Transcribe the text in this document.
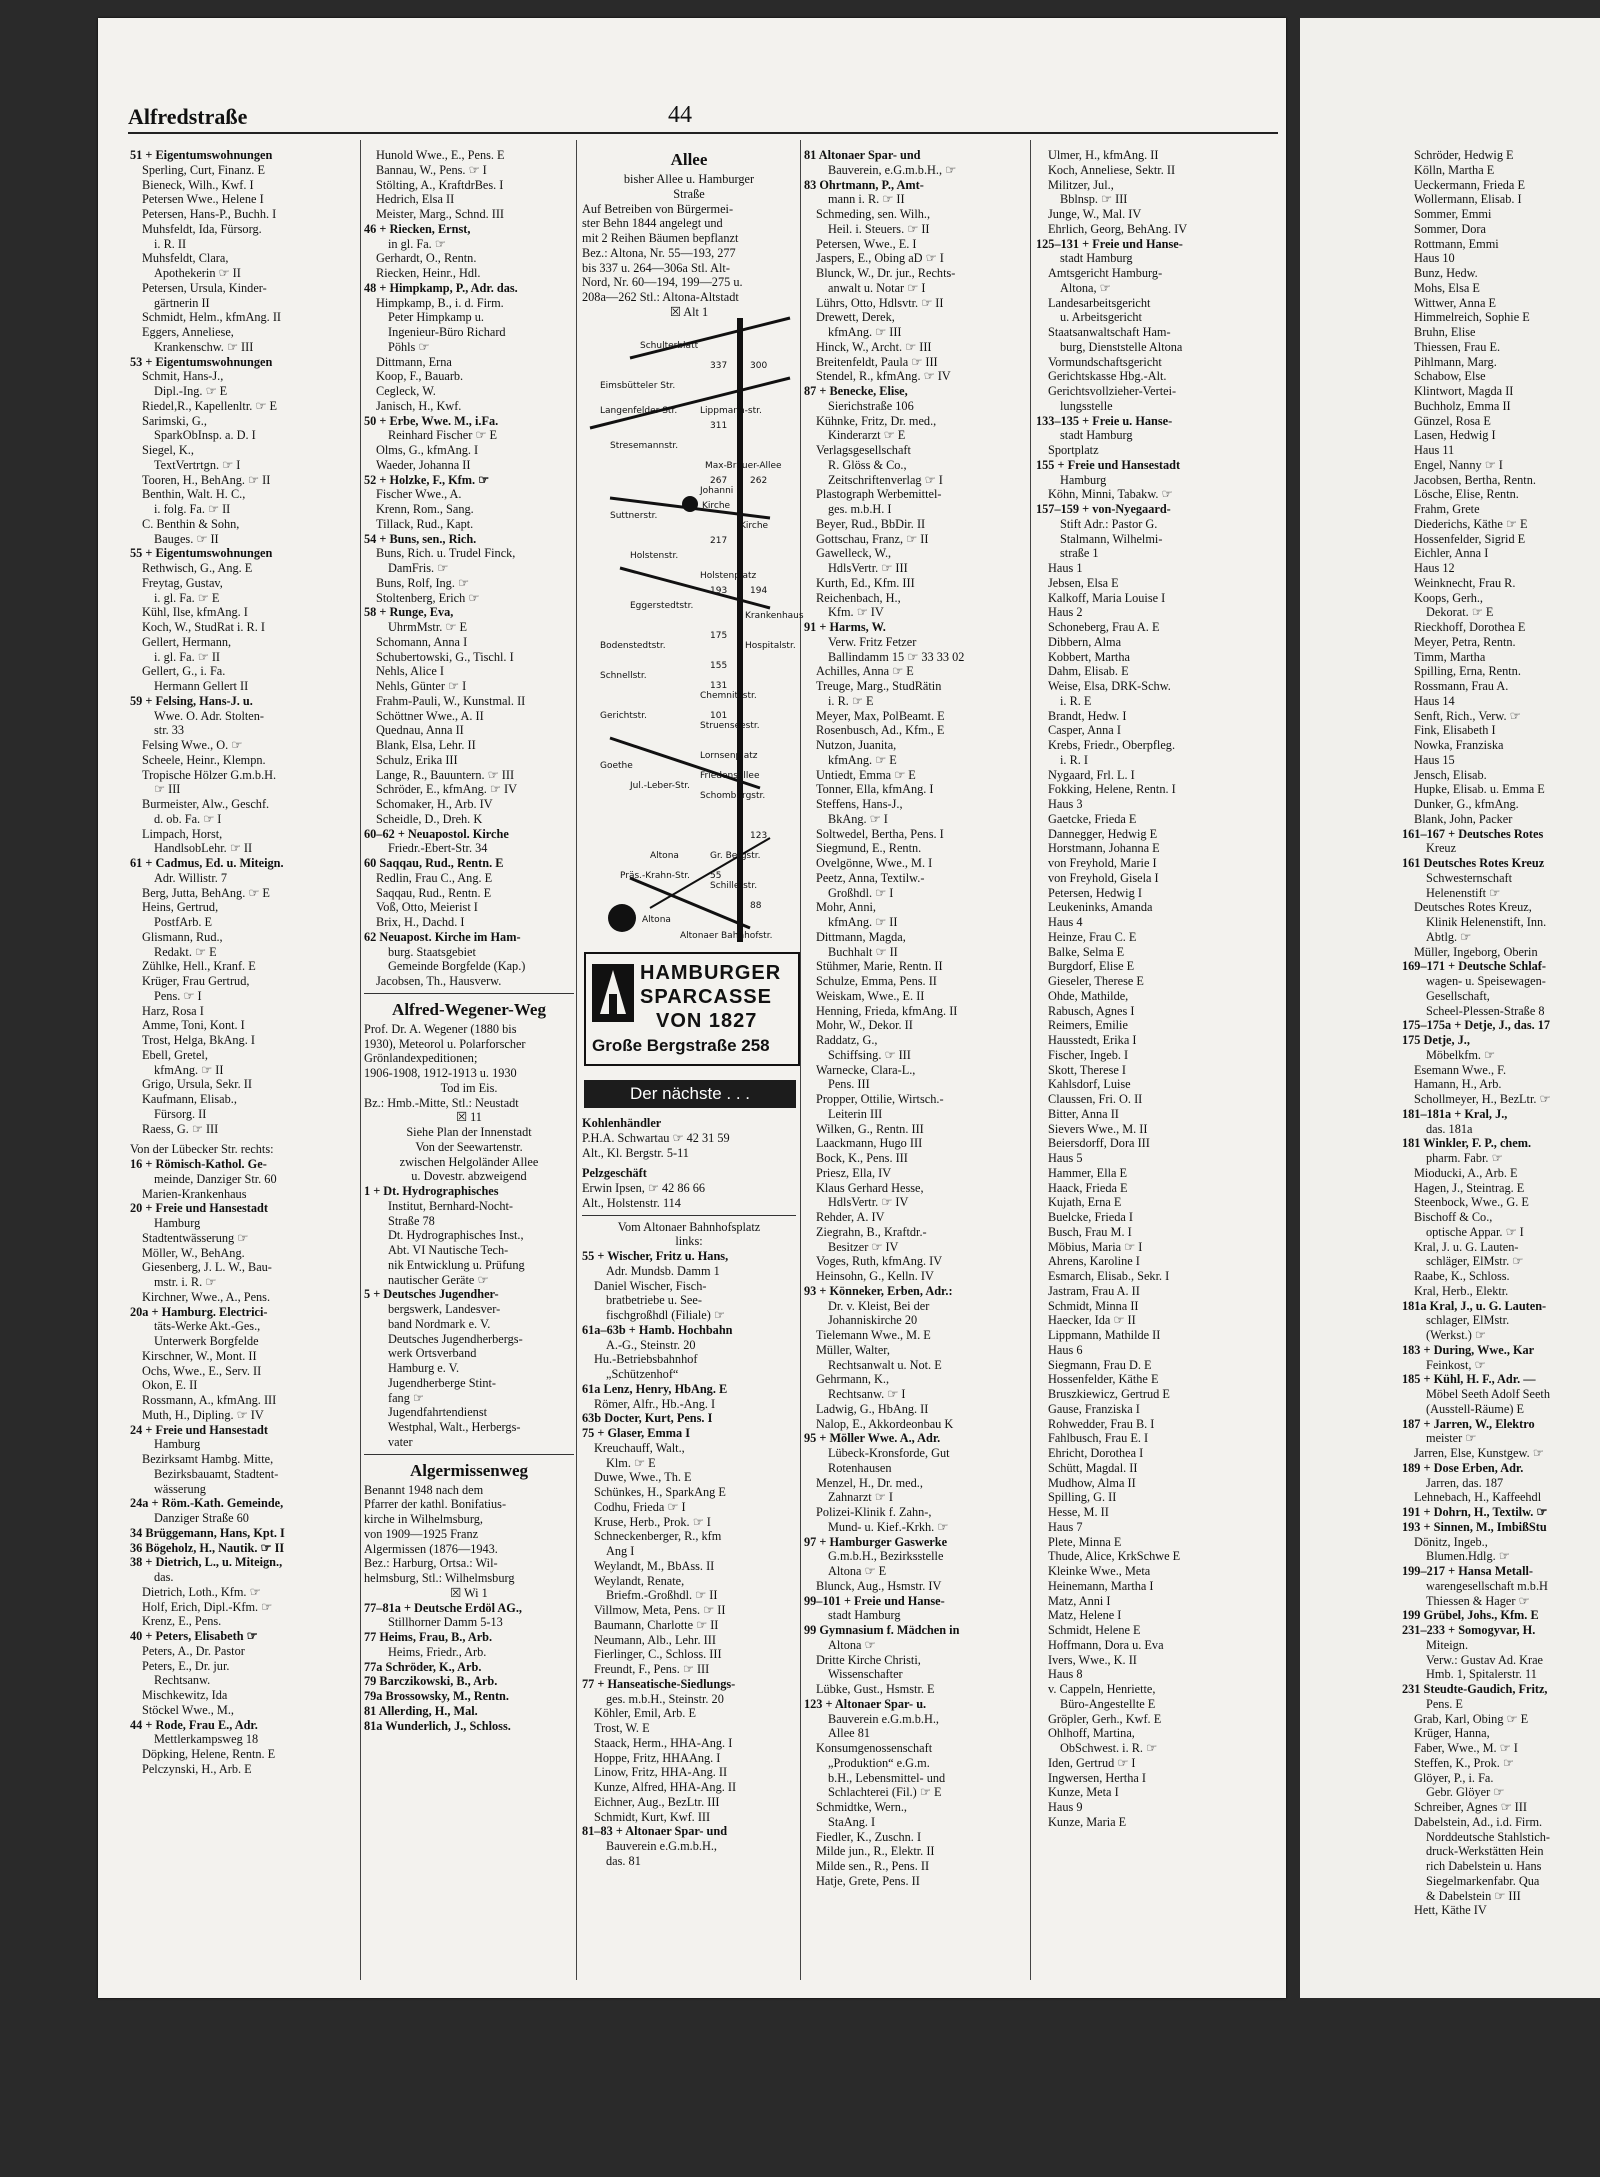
Alfredstraße	44

51 + Eigentumswohnungen

Sperling, Curt, Finanz. E

Bieneck, Wilh., Kwf. I

Petersen Wwe., Helene I

Petersen, Hans-P., Buchh. I

Muhsfeldt, Ida, Fürsorg.

i. R. II

Muhsfeldt, Clara,

Apothekerin ☞ II

Petersen, Ursula, Kinder-

gärtnerin II

Schmidt, Helm., kfmAng. II

Eggers, Anneliese,

Krankenschw. ☞ III

53 + Eigentumswohnungen

Schmit, Hans-J.,

Dipl.-Ing. ☞ E

Riedel,R., Kapellenltr. ☞ E

Sarimski, G.,

SparkObInsp. a. D. I

Siegel, K.,

TextVertrtgn. ☞ I

Tooren, H., BehAng. ☞ II

Benthin, Walt. H. C.,

i. folg. Fa. ☞ II

C. Benthin & Sohn,

Bauges. ☞ II

55 + Eigentumswohnungen

Rethwisch, G., Ang. E

Freytag, Gustav,

i. gl. Fa. ☞ E

Kühl, Ilse, kfmAng. I

Koch, W., StudRat i. R. I

Gellert, Hermann,

i. gl. Fa. ☞ II

Gellert, G., i. Fa.

Hermann Gellert II

59 + Felsing, Hans-J. u.

Wwe. O. Adr. Stolten-

str. 33

Felsing Wwe., O. ☞

Scheele, Heinr., Klempn.

Tropische Hölzer G.m.b.H.

☞ III

Burmeister, Alw., Geschf.

d. ob. Fa. ☞ I

Limpach, Horst,

HandlsobLehr. ☞ II

61 + Cadmus, Ed. u. Miteign.

Adr. Willistr. 7

Berg, Jutta, BehAng. ☞ E

Heins, Gertrud,

PostfArb. E

Glismann, Rud.,

Redakt. ☞ E

Zühlke, Hell., Kranf. E

Krüger, Frau Gertrud,

Pens. ☞ I

Harz, Rosa I

Amme, Toni, Kont. I

Trost, Helga, BkAng. I

Ebell, Gretel,

kfmAng. ☞ II

Grigo, Ursula, Sekr. II

Kaufmann, Elisab.,

Fürsorg. II

Raess, G. ☞ III

Von der Lübecker Str. rechts:

16 + Römisch-Kathol. Ge-

meinde, Danziger Str. 60

Marien-Krankenhaus

20 + Freie und Hansestadt

Hamburg

Stadtentwässerung ☞

Möller, W., BehAng.

Giesenberg, J. L. W., Bau-

mstr. i. R. ☞

Kirchner, Wwe., A., Pens.

20a + Hamburg. Electrici-

täts-Werke Akt.-Ges.,

Unterwerk Borgfelde

Kirschner, W., Mont. II

Ochs, Wwe., E., Serv. II

Okon, E. II

Rossmann, A., kfmAng. III

Muth, H., Dipling. ☞ IV

24 + Freie und Hansestadt

Hamburg

Bezirksamt Hambg. Mitte,

Bezirksbauamt, Stadtent-

wässerung

24a + Röm.-Kath. Gemeinde,

Danziger Straße 60

34 Brüggemann, Hans, Kpt. I

36 Bögeholz, H., Nautik. ☞ II

38 + Dietrich, L., u. Miteign.,

das.

Dietrich, Loth., Kfm. ☞

Holf, Erich, Dipl.-Kfm. ☞

Krenz, E., Pens.

40 + Peters, Elisabeth ☞

Peters, A., Dr. Pastor

Peters, E., Dr. jur.

Rechtsanw.

Mischkewitz, Ida

Stöckel Wwe., M.,

44 + Rode, Frau E., Adr.

Mettlerkampsweg 18

Döpking, Helene, Rentn. E

Pelczynski, H., Arb. E

Hunold Wwe., E., Pens. E

Bannau, W., Pens. ☞ I

Stölting, A., KraftdrBes. I

Hedrich, Elsa II

Meister, Marg., Schnd. III

46 + Riecken, Ernst,

in gl. Fa. ☞

Gerhardt, O., Rentn.

Riecken, Heinr., Hdl.

48 + Himpkamp, P., Adr. das.

Himpkamp, B., i. d. Firm.

Peter Himpkamp u.

Ingenieur-Büro Richard

Pöhls ☞

Dittmann, Erna

Koop, F., Bauarb.

Cegleck, W.

Janisch, H., Kwf.

50 + Erbe, Wwe. M., i.Fa.

Reinhard Fischer ☞ E

Olms, G., kfmAng. I

Waeder, Johanna II

52 + Holzke, F., Kfm. ☞

Fischer Wwe., A.

Krenn, Rom., Sang.

Tillack, Rud., Kapt.

54 + Buns, sen., Rich.

Buns, Rich. u. Trudel Finck,

DamFris. ☞

Buns, Rolf, Ing. ☞

Stoltenberg, Erich ☞

58 + Runge, Eva,

UhrmMstr. ☞ E

Schomann, Anna I

Schubertowski, G., Tischl. I

Nehls, Alice I

Nehls, Günter ☞ I

Frahm-Pauli, W., Kunstmal. II

Schöttner Wwe., A. II

Quednau, Anna II

Blank, Elsa, Lehr. II

Schulz, Erika III

Lange, R., Bauuntern. ☞ III

Schröder, E., kfmAng. ☞ IV

Schomaker, H., Arb. IV

Scheidle, D., Dreh. K

60–62 + Neuapostol. Kirche

Friedr.-Ebert-Str. 34

60 Saqqau, Rud., Rentn. E

Redlin, Frau C., Ang. E

Saqqau, Rud., Rentn. E

Voß, Otto, Meierist I

Brix, H., Dachd. I

62 Neuapost. Kirche im Ham-

burg. Staatsgebiet

Gemeinde Borgfelde (Kap.)

Jacobsen, Th., Hausverw.

Alfred-Wegener-Weg

Prof. Dr. A. Wegener (1880 bis

1930), Meteorol u. Polarforscher

Grönlandexpeditionen;

1906-1908, 1912-1913 u. 1930

Tod im Eis.

Bz.: Hmb.-Mitte, Stl.: Neustadt

☒ 11

Siehe Plan der Innenstadt

Von der Seewartenstr.

zwischen Helgoländer Allee

u. Dovestr. abzweigend

1 + Dt. Hydrographisches

Institut, Bernhard-Nocht-

Straße 78

Dt. Hydrographisches Inst.,

Abt. VI Nautische Tech-

nik Entwicklung u. Prüfung

nautischer Geräte ☞

5 + Deutsches Jugendher-

bergswerk, Landesver-

band Nordmark e. V.

Deutsches Jugendherbergs-

werk Ortsverband

Hamburg e. V.

Jugendherberge Stint-

fang ☞

Jugendfahrtendienst

Westphal, Walt., Herbergs-

vater

Algermissenweg

Benannt 1948 nach dem

Pfarrer der kathl. Bonifatius-

kirche in Wilhelmsburg,

von 1909—1925 Franz

Algermissen (1876—1943.

Bez.: Harburg, Ortsa.: Wil-

helmsburg, Stl.: Wilhelmsburg

☒ Wi 1

77–81a + Deutsche Erdöl AG.,

Stillhorner Damm 5-13

77 Heims, Frau, B., Arb.

Heims, Friedr., Arb.

77a Schröder, K., Arb.

79 Barczikowski, B., Arb.

79a Brossowsky, M., Rentn.

81 Allerding, H., Mal.

81a Wunderlich, J., Schloss.

Allee

bisher Allee u. Hamburger

Straße

Auf Betreiben von Bürgermei-

ster Behn 1844 angelegt und

mit 2 Reihen Bäumen bepflanzt

Bez.: Altona, Nr. 55—193, 277

bis 337 u. 264—306a Stl. Alt-

Nord, Nr. 60—194, 199—275 u.

208a—262 Stl.: Altona-Altstadt

☒ Alt 1

Kohlenhändler

P.H.A. Schwartau ☞ 42 31 59

Alt., Kl. Bergstr. 5-11

Pelzgeschäft

Erwin Ipsen, ☞ 42 86 66

Alt., Holstenstr. 114

Vom Altonaer Bahnhofsplatz

links:

55 + Wischer, Fritz u. Hans,

Adr. Mundsb. Damm 1

Daniel Wischer, Fisch-

bratbetriebe u. See-

fischgroßhdl (Filiale) ☞

61a–63b + Hamb. Hochbahn

A.-G., Steinstr. 20

Hu.-Betriebsbahnhof

„Schützenhof“

61a Lenz, Henry, HbAng. E

Römer, Alfr., Hb.-Ang. I

63b Docter, Kurt, Pens. I

75 + Glaser, Emma I

Kreuchauff, Walt.,

Klm. ☞ E

Duwe, Wwe., Th. E

Schünkes, H., SparkAng E

Codhu, Frieda ☞ I

Kruse, Herb., Prok. ☞ I

Schneckenberger, R., kfm

Ang I

Weylandt, M., BbAss. II

Weylandt, Renate,

Briefm.-Großhdl. ☞ II

Villmow, Meta, Pens. ☞ II

Baumann, Charlotte ☞ II

Neumann, Alb., Lehr. III

Fierlinger, C., Schloss. III

Freundt, F., Pens. ☞ III

77 + Hanseatische-Siedlungs-

ges. m.b.H., Steinstr. 20

Köhler, Emil, Arb. E

Trost, W. E

Staack, Herm., HHA-Ang. I

Hoppe, Fritz, HHAAng. I

Linow, Fritz, HHA-Ang. II

Kunze, Alfred, HHA-Ang. II

Eichner, Aug., BezLtr. III

Schmidt, Kurt, Kwf. III

81–83 + Altonaer Spar- und

Bauverein e.G.m.b.H.,

das. 81

81 Altonaer Spar- und

Bauverein, e.G.m.b.H., ☞

83 Ohrtmann, P., Amt-

mann i. R. ☞ II

Schmeding, sen. Wilh.,

Heil. i. Steuers. ☞ II

Petersen, Wwe., E. I

Jaspers, E., Obing aD ☞ I

Blunck, W., Dr. jur., Rechts-

anwalt u. Notar ☞ I

Lührs, Otto, Hdlsvtr. ☞ II

Drewett, Derek,

kfmAng. ☞ III

Hinck, W., Archt. ☞ III

Breitenfeldt, Paula ☞ III

Stendel, R., kfmAng. ☞ IV

87 + Benecke, Elise,

Sierichstraße 106

Kühnke, Fritz, Dr. med.,

Kinderarzt ☞ E

Verlagsgesellschaft

R. Glöss & Co.,

Zeitschriftenverlag ☞ I

Plastograph Werbemittel-

ges. m.b.H. I

Beyer, Rud., BbDir. II

Gottschau, Franz, ☞ II

Gawelleck, W.,

HdlsVertr. ☞ III

Kurth, Ed., Kfm. III

Reichenbach, H.,

Kfm. ☞ IV

91 + Harms, W.

Verw. Fritz Fetzer

Ballindamm 15 ☞ 33 33 02

Achilles, Anna ☞ E

Treuge, Marg., StudRätin

i. R. ☞ E

Meyer, Max, PolBeamt. E

Rosenbusch, Ad., Kfm., E

Nutzon, Juanita,

kfmAng. ☞ E

Untiedt, Emma ☞ E

Tonner, Ella, kfmAng. I

Steffens, Hans-J.,

BkAng. ☞ I

Soltwedel, Bertha, Pens. I

Siegmund, E., Rentn.

Ovelgönne, Wwe., M. I

Peetz, Anna, Textilw.-

Großhdl. ☞ I

Mohr, Anni,

kfmAng. ☞ II

Dittmann, Magda,

Buchhalt ☞ II

Stühmer, Marie, Rentn. II

Schulze, Emma, Pens. II

Weiskam, Wwe., E. II

Henning, Frieda, kfmAng. II

Mohr, W., Dekor. II

Raddatz, G.,

Schiffsing. ☞ III

Warnecke, Clara-L.,

Pens. III

Propper, Ottilie, Wirtsch.-

Leiterin III

Wilken, G., Rentn. III

Laackmann, Hugo III

Bock, K., Pens. III

Priesz, Ella, IV

Klaus Gerhard Hesse,

HdlsVertr. ☞ IV

Rehder, A. IV

Ziegrahn, B., Kraftdr.-

Besitzer ☞ IV

Voges, Ruth, kfmAng. IV

Heinsohn, G., Kelln. IV

93 + Könneker, Erben, Adr.:

Dr. v. Kleist, Bei der

Johanniskirche 20

Tielemann Wwe., M. E

Müller, Walter,

Rechtsanwalt u. Not. E

Gehrmann, K.,

Rechtsanw. ☞ I

Ladwig, G., HbAng. II

Nalop, E., Akkordeonbau K

95 + Möller Wwe. A., Adr.

Lübeck-Kronsforde, Gut

Rotenhausen

Menzel, H., Dr. med.,

Zahnarzt ☞ I

Polizei-Klinik f. Zahn-,

Mund- u. Kief.-Krkh. ☞

97 + Hamburger Gaswerke

G.m.b.H., Bezirksstelle

Altona ☞ E

Blunck, Aug., Hsmstr. IV

99–101 + Freie und Hanse-

stadt Hamburg

99 Gymnasium f. Mädchen in

Altona ☞

Dritte Kirche Christi,

Wissenschafter

Lübke, Gust., Hsmstr. E

123 + Altonaer Spar- u.

Bauverein e.G.m.b.H.,

Allee 81

Konsumgenossenschaft

„Produktion“ e.G.m.

b.H., Lebensmittel- und

Schlachterei (Fil.) ☞ E

Schmidtke, Wern.,

StaAng. I

Fiedler, K., Zuschn. I

Milde jun., R., Elektr. II

Milde sen., R., Pens. II

Hatje, Grete, Pens. II

Ulmer, H., kfmAng. II

Koch, Anneliese, Sektr. II

Militzer, Jul.,

Bblnsp. ☞ III

Junge, W., Mal. IV

Ehrlich, Georg, BehAng. IV

125–131 + Freie und Hanse-

stadt Hamburg

Amtsgericht Hamburg-

Altona, ☞

Landesarbeitsgericht

u. Arbeitsgericht

Staatsanwaltschaft Ham-

burg, Dienststelle Altona

Vormundschaftsgericht

Gerichtskasse Hbg.-Alt.

Gerichtsvollzieher-Vertei-

lungsstelle

133–135 + Freie u. Hanse-

stadt Hamburg

Sportplatz

155 + Freie und Hansestadt

Hamburg

Köhn, Minni, Tabakw. ☞

157–159 + von-Nyegaard-

Stift Adr.: Pastor G.

Stalmann, Wilhelmi-

straße 1

Haus 1

Jebsen, Elsa E

Kalkoff, Maria Louise I

Haus 2

Schoneberg, Frau A. E

Dibbern, Alma

Kobbert, Martha

Dahm, Elisab. E

Weise, Elsa, DRK-Schw.

i. R. E

Brandt, Hedw. I

Casper, Anna I

Krebs, Friedr., Oberpfleg.

i. R. I

Nygaard, Frl. L. I

Fokking, Helene, Rentn. I

Haus 3

Gaetcke, Frieda E

Dannegger, Hedwig E

Horstmann, Johanna E

von Freyhold, Marie I

von Freyhold, Gisela I

Petersen, Hedwig I

Leukeninks, Amanda

Haus 4

Heinze, Frau C. E

Balke, Selma E

Burgdorf, Elise E

Gieseler, Therese E

Ohde, Mathilde,

Rabusch, Agnes I

Reimers, Emilie

Hausstedt, Erika I

Fischer, Ingeb. I

Skott, Therese I

Kahlsdorf, Luise

Claussen, Fri. O. II

Bitter, Anna II

Sievers Wwe., M. II

Beiersdorff, Dora III

Haus 5

Hammer, Ella E

Haack, Frieda E

Kujath, Erna E

Buelcke, Frieda I

Busch, Frau M. I

Möbius, Maria ☞ I

Ahrens, Karoline I

Esmarch, Elisab., Sekr. I

Jastram, Frau A. II

Schmidt, Minna II

Haecker, Ida ☞ II

Lippmann, Mathilde II

Haus 6

Siegmann, Frau D. E

Hossenfelder, Käthe E

Bruszkiewicz, Gertrud E

Gause, Franziska I

Rohwedder, Frau B. I

Fahlbusch, Frau E. I

Ehricht, Dorothea I

Schütt, Magdal. II

Mudhow, Alma II

Spilling, G. II

Hesse, M. II

Haus 7

Plete, Minna E

Thude, Alice, KrkSchwe E

Kleinke Wwe., Meta

Heinemann, Martha I

Matz, Anni I

Matz, Helene I

Schmidt, Helene E

Hoffmann, Dora u. Eva

Ivers, Wwe., K. II

Haus 8

v. Cappeln, Henriette,

Büro-Angestellte E

Gröpler, Gerh., Kwf. E

Ohlhoff, Martina,

ObSchwest. i. R. ☞

Iden, Gertrud ☞ I

Ingwersen, Hertha I

Kunze, Meta I

Haus 9

Kunze, Maria E

Schröder, Hedwig E

Kölln, Martha E

Ueckermann, Frieda E

Wollermann, Elisab. I

Sommer, Emmi

Sommer, Dora

Rottmann, Emmi

Haus 10

Bunz, Hedw.

Mohs, Elsa E

Wittwer, Anna E

Himmelreich, Sophie E

Bruhn, Elise

Thiessen, Frau E.

Pihlmann, Marg.

Schabow, Else

Klintwort, Magda II

Buchholz, Emma II

Günzel, Rosa E

Lasen, Hedwig I

Haus 11

Engel, Nanny ☞ I

Jacobsen, Bertha, Rentn.

Lösche, Elise, Rentn.

Frahm, Grete

Diederichs, Käthe ☞ E

Hossenfelder, Sigrid E

Eichler, Anna I

Haus 12

Weinknecht, Frau R.

Koops, Gerh.,

Dekorat. ☞ E

Rieckhoff, Dorothea E

Meyer, Petra, Rentn.

Timm, Martha

Spilling, Erna, Rentn.

Rossmann, Frau A.

Haus 14

Senft, Rich., Verw. ☞

Fink, Elisabeth I

Nowka, Franziska

Haus 15

Jensch, Elisab.

Hupke, Elisab. u. Emma E

Dunker, G., kfmAng.

Blank, John, Packer

161–167 + Deutsches Rotes

Kreuz

161 Deutsches Rotes Kreuz

Schwesternschaft

Helenenstift ☞

Deutsches Rotes Kreuz,

Klinik Helenenstift, Inn.

Abtlg. ☞

Müller, Ingeborg, Oberin

169–171 + Deutsche Schlaf-

wagen- u. Speisewagen-

Gesellschaft,

Scheel-Plessen-Straße 8

175–175a + Detje, J., das. 17

175 Detje, J.,

Möbelkfm. ☞

Esemann Wwe., F.

Hamann, H., Arb.

Schollmeyer, H., BezLtr. ☞

181–181a + Kral, J.,

das. 181a

181 Winkler, F. P., chem.

pharm. Fabr. ☞

Mioducki, A., Arb. E

Hagen, J., Steintrag. E

Steenbock, Wwe., G. E

Bischoff & Co.,

optische Appar. ☞ I

Kral, J. u. G. Lauten-

schläger, ElMstr. ☞

Raabe, K., Schloss.

Kral, Herb., Elektr.

181a Kral, J., u. G. Lauten-

schlager, ElMstr.

(Werkst.) ☞

183 + During, Wwe., Kar

Feinkost, ☞

185 + Kühl, H. F., Adr. —

Möbel Seeth Adolf Seeth

(Ausstell-Räume) E

187 + Jarren, W., Elektro

meister ☞

Jarren, Else, Kunstgew. ☞

189 + Dose Erben, Adr.

Jarren, das. 187

Lehnebach, H., Kaffeehdl

191 + Dohrn, H., Textilw. ☞

193 + Sinnen, M., ImbißStu

Dönitz, Ingeb.,

Blumen.Hdlg. ☞

199–217 + Hansa Metall-

warengesellschaft m.b.H

Thiessen & Hager ☞

199 Grübel, Johs., Kfm. E

231–233 + Somogyvar, H.

Miteign.

Verw.: Gustav Ad. Krae

Hmb. 1, Spitalerstr. 11

231 Steudte-Gaudich, Fritz,

Pens. E

Grab, Karl, Obing ☞ E

Krüger, Hanna,

Faber, Wwe., M. ☞ I

Steffen, K., Prok. ☞

Glöyer, P., i. Fa.

Gebr. Glöyer ☞

Schreiber, Agnes ☞ III

Dabelstein, Ad., i.d. Firm.

Norddeutsche Stahlstich-

druck-Werkstätten Hein

rich Dabelstein u. Hans

Siegelmarkenfabr. Qua

& Dabelstein ☞ III

Hett, Käthe IV

Schulterblatt
Eimsbütteler Str.
Langenfelder Str.	Lippmann-str.
Stresemannstr.
Max-Brauer-Allee
Suttnerstr.
Holstenstr.
Eggerstedtstr.
Holstenplatz
Bodenstedtstr.
Schnellstr.
Chemnitzstr.
Gerichtstr.
Struenseestr.
Lornsenplatz
Friedensallee
Goethe
Jul.-Leber-Str.
Schomburgstr.
Gr. Bergstr.
Präs.-Krahn-Str.
Schillerstr.
Altona
Altonaer Bahnhofstr.
337	300
311
267	262
217
193	194
175
155
131
101
55
123
88
Kirche
Kirche
Krankenhaus
Hospitalstr.
Johanni
Altona
HAMBURGER
SPARCASSE
VON 1827
Große Bergstraße 258
Der nächste . . .
